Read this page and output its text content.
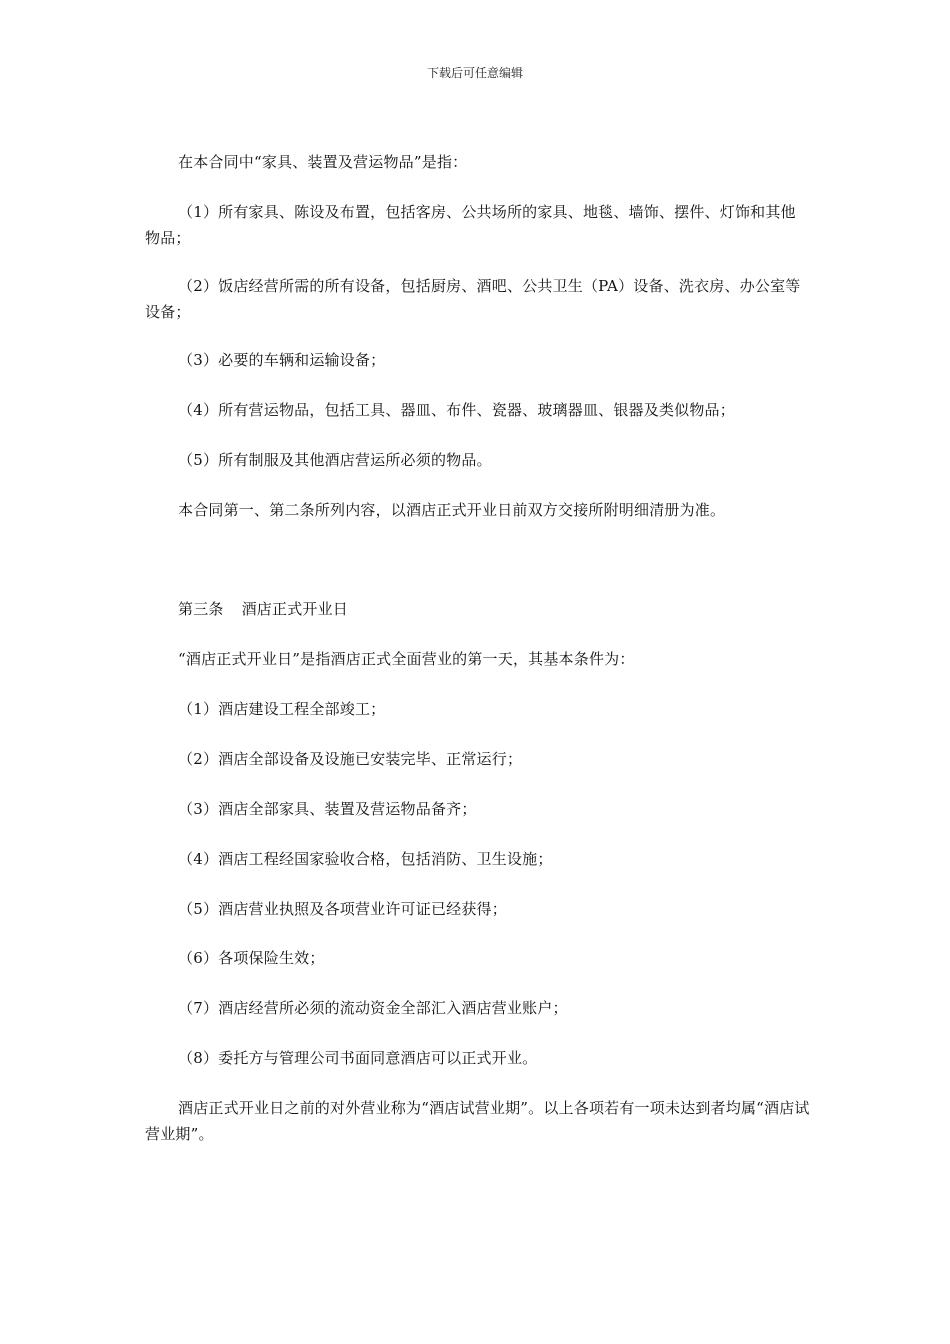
下载后可任意编辑

在本合同中“家具、装置及营运物品”是指：

（1）所有家具、陈设及布置，包括客房、公共场所的家具、地毯、墙饰、摆件、灯饰和其他物品；

（2）饭店经营所需的所有设备，包括厨房、酒吧、公共卫生（PA）设备、洗衣房、办公室等设备；

（3）必要的车辆和运输设备；

（4）所有营运物品，包括工具、器皿、布件、瓷器、玻璃器皿、银器及类似物品；

（5）所有制服及其他酒店营运所必须的物品。

本合同第一、第二条所列内容，以酒店正式开业日前双方交接所附明细清册为准。

第三条 酒店正式开业日

“酒店正式开业日”是指酒店正式全面营业的第一天，其基本条件为：

（1）酒店建设工程全部竣工；

（2）酒店全部设备及设施已安装完毕、正常运行；

（3）酒店全部家具、装置及营运物品备齐；

（4）酒店工程经国家验收合格，包括消防、卫生设施；

（5）酒店营业执照及各项营业许可证已经获得；

（6）各项保险生效；

（7）酒店经营所必须的流动资金全部汇入酒店营业账户；

（8）委托方与管理公司书面同意酒店可以正式开业。

酒店正式开业日之前的对外营业称为“酒店试营业期”。以上各项若有一项未达到者均属“酒店试营业期”。
